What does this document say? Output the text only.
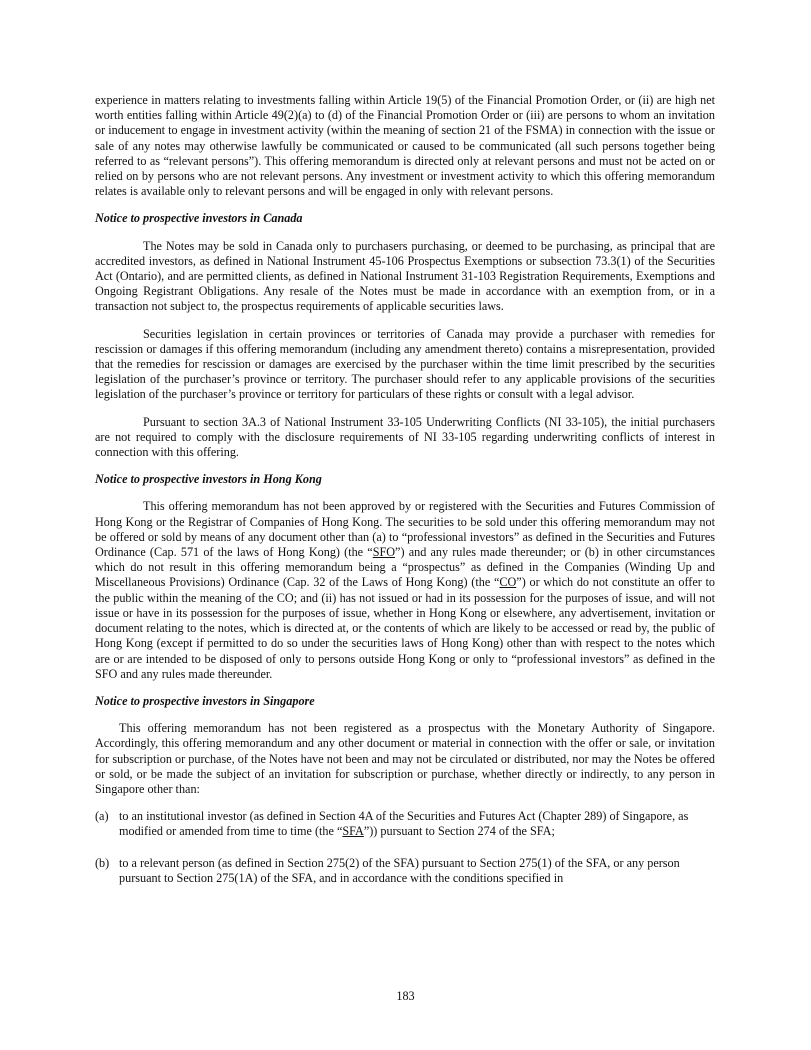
experience in matters relating to investments falling within Article 19(5) of the Financial Promotion Order, or (ii) are high net worth entities falling within Article 49(2)(a) to (d) of the Financial Promotion Order or (iii) are persons to whom an invitation or inducement to engage in investment activity (within the meaning of section 21 of the FSMA) in connection with the issue or sale of any notes may otherwise lawfully be communicated or caused to be communicated (all such persons together being referred to as “relevant persons”). This offering memorandum is directed only at relevant persons and must not be acted on or relied on by persons who are not relevant persons. Any investment or investment activity to which this offering memorandum relates is available only to relevant persons and will be engaged in only with relevant persons.

Notice to prospective investors in Canada

The Notes may be sold in Canada only to purchasers purchasing, or deemed to be purchasing, as principal that are accredited investors, as defined in National Instrument 45-106 Prospectus Exemptions or subsection 73.3(1) of the Securities Act (Ontario), and are permitted clients, as defined in National Instrument 31-103 Registration Requirements, Exemptions and Ongoing Registrant Obligations. Any resale of the Notes must be made in accordance with an exemption from, or in a transaction not subject to, the prospectus requirements of applicable securities laws.

Securities legislation in certain provinces or territories of Canada may provide a purchaser with remedies for rescission or damages if this offering memorandum (including any amendment thereto) contains a misrepresentation, provided that the remedies for rescission or damages are exercised by the purchaser within the time limit prescribed by the securities legislation of the purchaser’s province or territory. The purchaser should refer to any applicable provisions of the securities legislation of the purchaser’s province or territory for particulars of these rights or consult with a legal advisor.

Pursuant to section 3A.3 of National Instrument 33-105 Underwriting Conflicts (NI 33-105), the initial purchasers are not required to comply with the disclosure requirements of NI 33-105 regarding underwriting conflicts of interest in connection with this offering.

Notice to prospective investors in Hong Kong

This offering memorandum has not been approved by or registered with the Securities and Futures Commission of Hong Kong or the Registrar of Companies of Hong Kong. The securities to be sold under this offering memorandum may not be offered or sold by means of any document other than (a) to “professional investors” as defined in the Securities and Futures Ordinance (Cap. 571 of the laws of Hong Kong) (the “SFO”) and any rules made thereunder; or (b) in other circumstances which do not result in this offering memorandum being a “prospectus” as defined in the Companies (Winding Up and Miscellaneous Provisions) Ordinance (Cap. 32 of the Laws of Hong Kong) (the “CO”) or which do not constitute an offer to the public within the meaning of the CO; and (ii) has not issued or had in its possession for the purposes of issue, and will not issue or have in its possession for the purposes of issue, whether in Hong Kong or elsewhere, any advertisement, invitation or document relating to the notes, which is directed at, or the contents of which are likely to be accessed or read by, the public of Hong Kong (except if permitted to do so under the securities laws of Hong Kong) other than with respect to the notes which are or are intended to be disposed of only to persons outside Hong Kong or only to “professional investors” as defined in the SFO and any rules made thereunder.

Notice to prospective investors in Singapore

This offering memorandum has not been registered as a prospectus with the Monetary Authority of Singapore. Accordingly, this offering memorandum and any other document or material in connection with the offer or sale, or invitation for subscription or purchase, of the Notes have not been and may not be circulated or distributed, nor may the Notes be offered or sold, or be made the subject of an invitation for subscription or purchase, whether directly or indirectly, to any person in Singapore other than:

(a) to an institutional investor (as defined in Section 4A of the Securities and Futures Act (Chapter 289) of Singapore, as modified or amended from time to time (the “SFA”)) pursuant to Section 274 of the SFA;
(b) to a relevant person (as defined in Section 275(2) of the SFA) pursuant to Section 275(1) of the SFA, or any person pursuant to Section 275(1A) of the SFA, and in accordance with the conditions specified in
183
